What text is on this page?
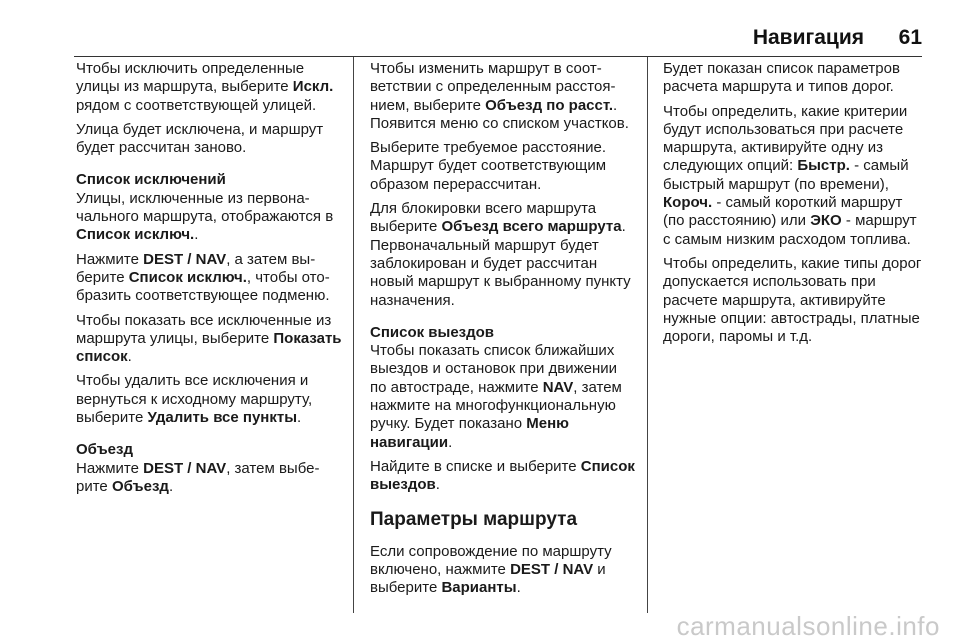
Навигация 61

Чтобы исключить определенные улицы из маршрута, выберите Искл. рядом с соответствующей улицей.

Улица будет исключена, и маршрут будет рассчитан заново.

Список исключений

Улицы, исключенные из первоначального маршрута, отображаются в Список исключ..

Нажмите DEST / NAV, а затем выберите Список исключ., чтобы отобразить соответствующее подменю.

Чтобы показать все исключенные из маршрута улицы, выберите Показать список.

Чтобы удалить все исключения и вернуться к исходному маршруту, выберите Удалить все пункты.

Объезд

Нажмите DEST / NAV, затем выберите Объезд.

Чтобы изменить маршрут в соответствии с определенным расстоянием, выберите Объезд по расст.. Появится меню со списком участков.

Выберите требуемое расстояние. Маршрут будет соответствующим образом перерассчитан.

Для блокировки всего маршрута выберите Объезд всего маршрута. Первоначальный маршрут будет заблокирован и будет рассчитан новый маршрут к выбранному пункту назначения.

Список выездов

Чтобы показать список ближайших выездов и остановок при движении по автостраде, нажмите NAV, затем нажмите на многофункциональную ручку. Будет показано Меню навигации.

Найдите в списке и выберите Список выездов.

Параметры маршрута

Если сопровождение по маршруту включено, нажмите DEST / NAV и выберите Варианты.

Будет показан список параметров расчета маршрута и типов дорог.

Чтобы определить, какие критерии будут использоваться при расчете маршрута, активируйте одну из следующих опций: Быстр. - самый быстрый маршрут (по времени), Короч. - самый короткий маршрут (по расстоянию) или ЭКО - маршрут с самым низким расходом топлива.

Чтобы определить, какие типы дорог допускается использовать при расчете маршрута, активируйте нужные опции: автострады, платные дороги, паромы и т.д.

carmanualsonline.info
